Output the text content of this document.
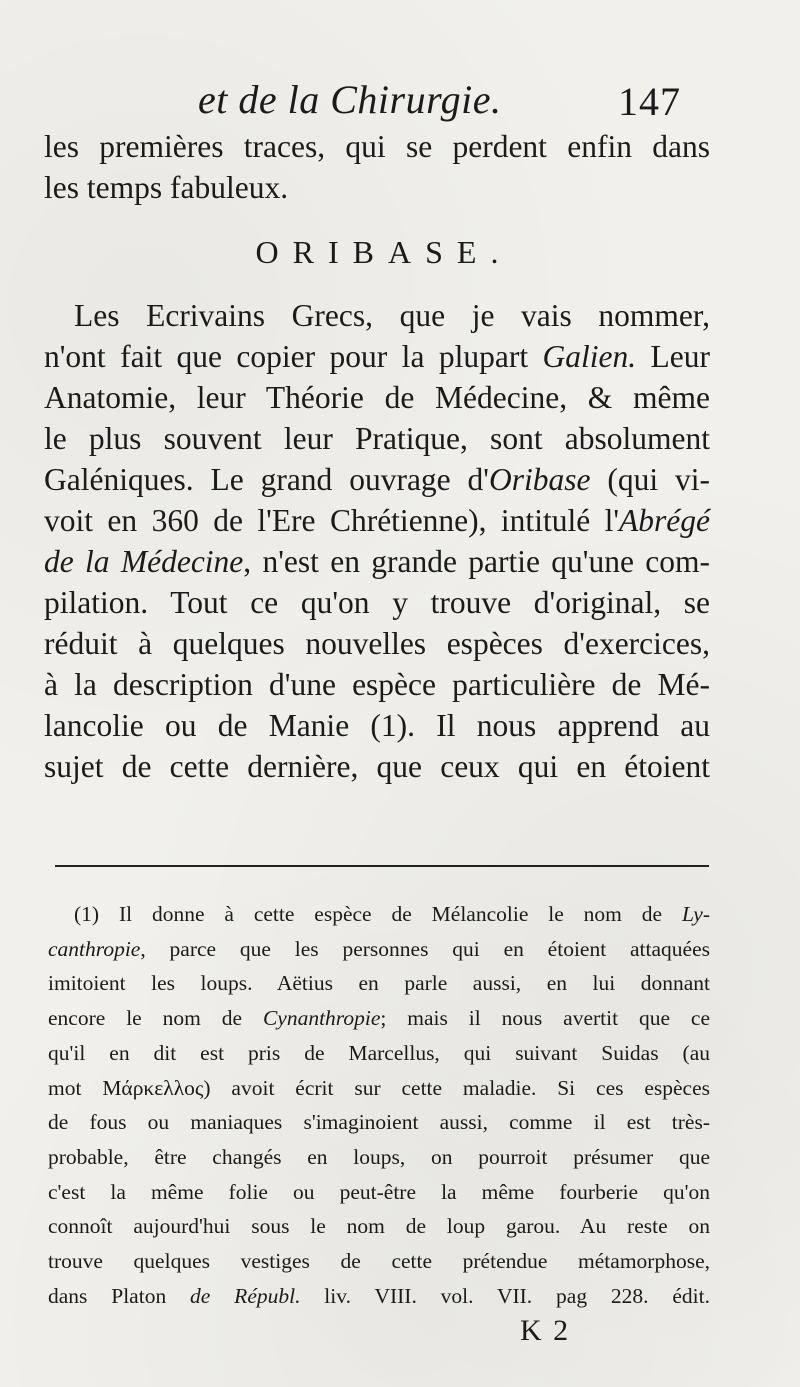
et de la Chirurgie.	147
les premières traces, qui se perdent enfin dans
les temps fabuleux.
ORIBASE.
Les Ecrivains Grecs, que je vais nommer,
n'ont fait que copier pour la plupart Galien. Leur
Anatomie, leur Théorie de Médecine, & même
le plus souvent leur Pratique, sont absolument
Galéniques. Le grand ouvrage d'Oribase (qui vi-
voit en 360 de l'Ere Chrétienne), intitulé l'Abrégé
de la Médecine, n'est en grande partie qu'une com-
pilation. Tout ce qu'on y trouve d'original, se
réduit à quelques nouvelles espèces d'exercices,
à la description d'une espèce particulière de Mé-
lancolie ou de Manie (1). Il nous apprend au
sujet de cette dernière, que ceux qui en étoient
(1) Il donne à cette espèce de Mélancolie le nom de Ly-
canthropie, parce que les personnes qui en étoient attaquées
imitoient les loups. Aëtius en parle aussi, en lui donnant
encore le nom de Cynanthropie; mais il nous avertit que ce
qu'il en dit est pris de Marcellus, qui suivant Suidas (au
mot Μάρκελλος) avoit écrit sur cette maladie. Si ces espèces
de fous ou maniaques s'imaginoient aussi, comme il est très-
probable, être changés en loups, on pourroit présumer que
c'est la même folie ou peut-être la même fourberie qu'on
connoît aujourd'hui sous le nom de loup garou. Au reste on
trouve quelques vestiges de cette prétendue métamorphose,
dans Platon de Républ. liv. VIII. vol. VII. pag 228. édit.
K 2
